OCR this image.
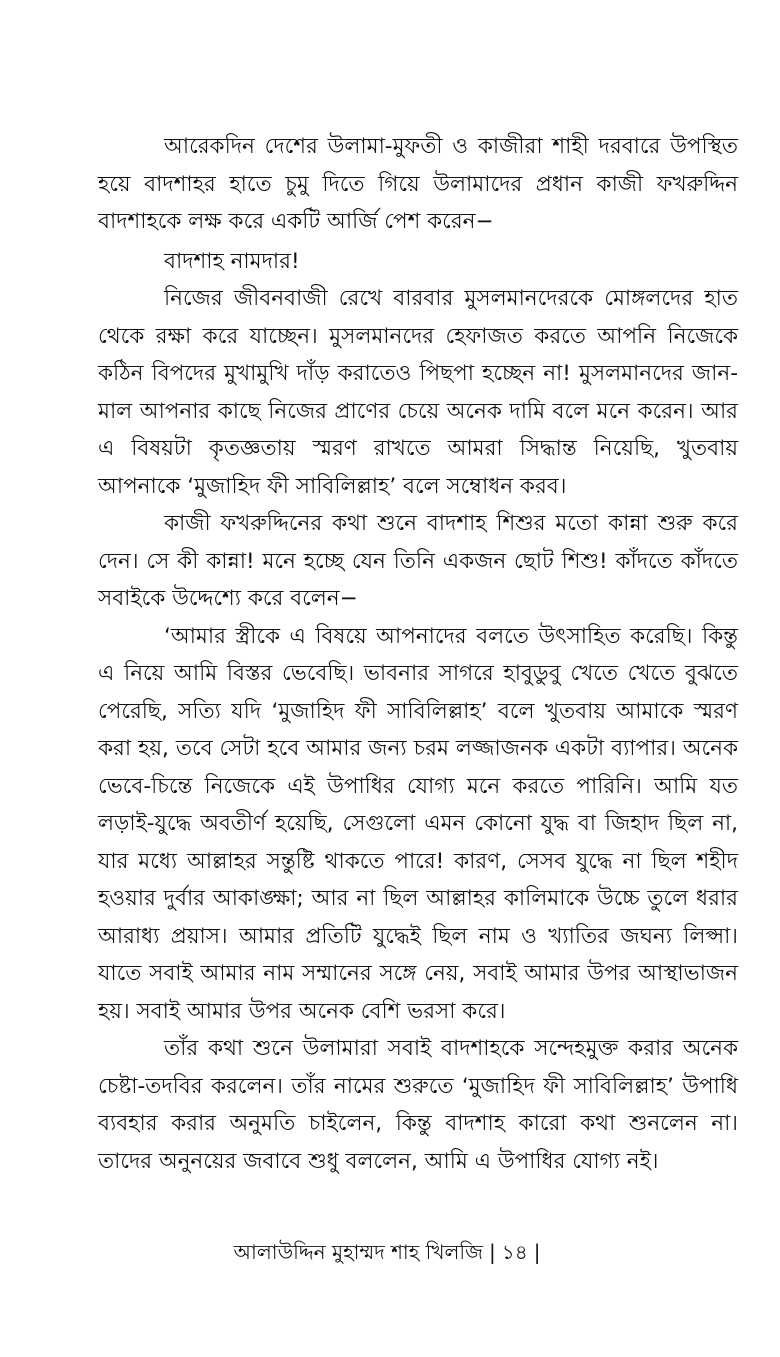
আরেকদিন দেশের উলামা-মুফতী ও কাজীরা শাহী দরবারে উপস্থিত হয়ে বাদশাহর হাতে চুমু দিতে গিয়ে উলামাদের প্রধান কাজী ফখরুদ্দিন বাদশাহকে লক্ষ করে একটি আর্জি পেশ করেন−

বাদশাহ নামদার!

নিজের জীবনবাজী রেখে বারবার মুসলমানদেরকে মোঙ্গলদের হাত থেকে রক্ষা করে যাচ্ছেন। মুসলমানদের হেফাজত করতে আপনি নিজেকে কঠিন বিপদের মুখামুখি দাঁড় করাতেও পিছপা হচ্ছেন না! মুসলমানদের জান-মাল আপনার কাছে নিজের প্রাণের চেয়ে অনেক দামি বলে মনে করেন। আর এ বিষয়টা কৃতজ্ঞতায় স্মরণ রাখতে আমরা সিদ্ধান্ত নিয়েছি, খুতবায় আপনাকে ‘মুজাহিদ ফী সাবিলিল্লাহ’ বলে সম্বোধন করব।

কাজী ফখরুদ্দিনের কথা শুনে বাদশাহ শিশুর মতো কান্না শুরু করে দেন। সে কী কান্না! মনে হচ্ছে যেন তিনি একজন ছোট শিশু! কাঁদতে কাঁদতে সবাইকে উদ্দেশ্যে করে বলেন−

‘আমার স্ত্রীকে এ বিষয়ে আপনাদের বলতে উৎসাহিত করেছি। কিন্তু এ নিয়ে আমি বিস্তর ভেবেছি। ভাবনার সাগরে হাবুডুবু খেতে খেতে বুঝতে পেরেছি, সত্যি যদি ‘মুজাহিদ ফী সাবিলিল্লাহ’ বলে খুতবায় আমাকে স্মরণ করা হয়, তবে সেটা হবে আমার জন্য চরম লজ্জাজনক একটা ব্যাপার। অনেক ভেবে-চিন্তে নিজেকে এই উপাধির যোগ্য মনে করতে পারিনি। আমি যত লড়াই-যুদ্ধে অবতীর্ণ হয়েছি, সেগুলো এমন কোনো যুদ্ধ বা জিহাদ ছিল না, যার মধ্যে আল্লাহর সন্তুষ্টি থাকতে পারে! কারণ, সেসব যুদ্ধে না ছিল শহীদ হওয়ার দুর্বার আকাঙ্ক্ষা; আর না ছিল আল্লাহর কালিমাকে উচ্চে তুলে ধরার আরাধ্য প্রয়াস। আমার প্রতিটি যুদ্ধেই ছিল নাম ও খ্যাতির জঘন্য লিপ্সা। যাতে সবাই আমার নাম সম্মানের সঙ্গে নেয়, সবাই আমার উপর আস্থাভাজন হয়। সবাই আমার উপর অনেক বেশি ভরসা করে।

তাঁর কথা শুনে উলামারা সবাই বাদশাহকে সন্দেহমুক্ত করার অনেক চেষ্টা-তদবির করলেন। তাঁর নামের শুরুতে ‘মুজাহিদ ফী সাবিলিল্লাহ’ উপাধি ব্যবহার করার অনুমতি চাইলেন, কিন্তু বাদশাহ কারো কথা শুনলেন না। তাদের অনুনয়ের জবাবে শুধু বললেন, আমি এ উপাধির যোগ্য নই।

আলাউদ্দিন মুহাম্মদ শাহ খিলজি | ১৪ |
